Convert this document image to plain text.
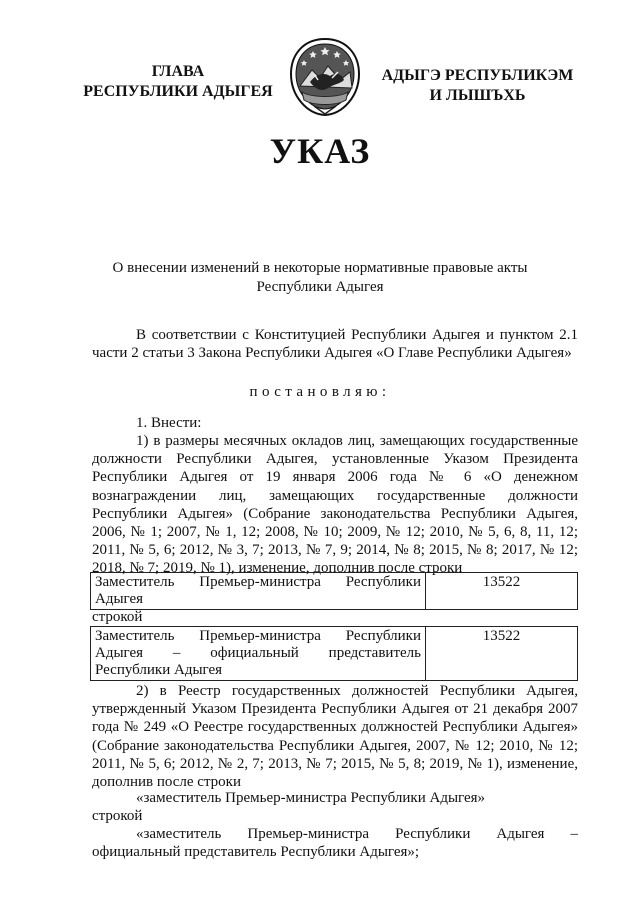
ГЛАВА
РЕСПУБЛИКИ АДЫГЕЯ
АДЫГЭ РЕСПУБЛИКЭМ
И ЛЫШЪХЬ
УКАЗ
О внесении изменений в некоторые нормативные правовые акты Республики Адыгея
В соответствии с Конституцией Республики Адыгея и пунктом 2.1 части 2 статьи 3 Закона Республики Адыгея «О Главе Республики Адыгея»
постановляю:
1. Внести:
1) в размеры месячных окладов лиц, замещающих государственные должности Республики Адыгея, установленные Указом Президента Республики Адыгея от 19 января 2006 года № 6 «О денежном вознаграждении лиц, замещающих государственные должности Республики Адыгея» (Собрание законодательства Республики Адыгея, 2006, № 1; 2007, № 1, 12; 2008, № 10; 2009, № 12; 2010, № 5, 6, 8, 11, 12; 2011, № 5, 6; 2012, № 3, 7; 2013, № 7, 9; 2014, № 8; 2015, № 8; 2017, № 12; 2018, № 7; 2019, № 1), изменение, дополнив после строки
Заместитель Премьер-министра Республики Адыгея	13522
строкой
Заместитель Премьер-министра Республики Адыгея – официальный представитель Республики Адыгея	13522
2) в Реестр государственных должностей Республики Адыгея, утвержденный Указом Президента Республики Адыгея от 21 декабря 2007 года № 249 «О Реестре государственных должностей Республики Адыгея» (Собрание законодательства Республики Адыгея, 2007, № 12; 2010, № 12; 2011, № 5, 6; 2012, № 2, 7; 2013, № 7; 2015, № 5, 8; 2019, № 1), изменение, дополнив после строки
«заместитель Премьер-министра Республики Адыгея»
строкой
«заместитель Премьер-министра Республики Адыгея – официальный представитель Республики Адыгея»;
